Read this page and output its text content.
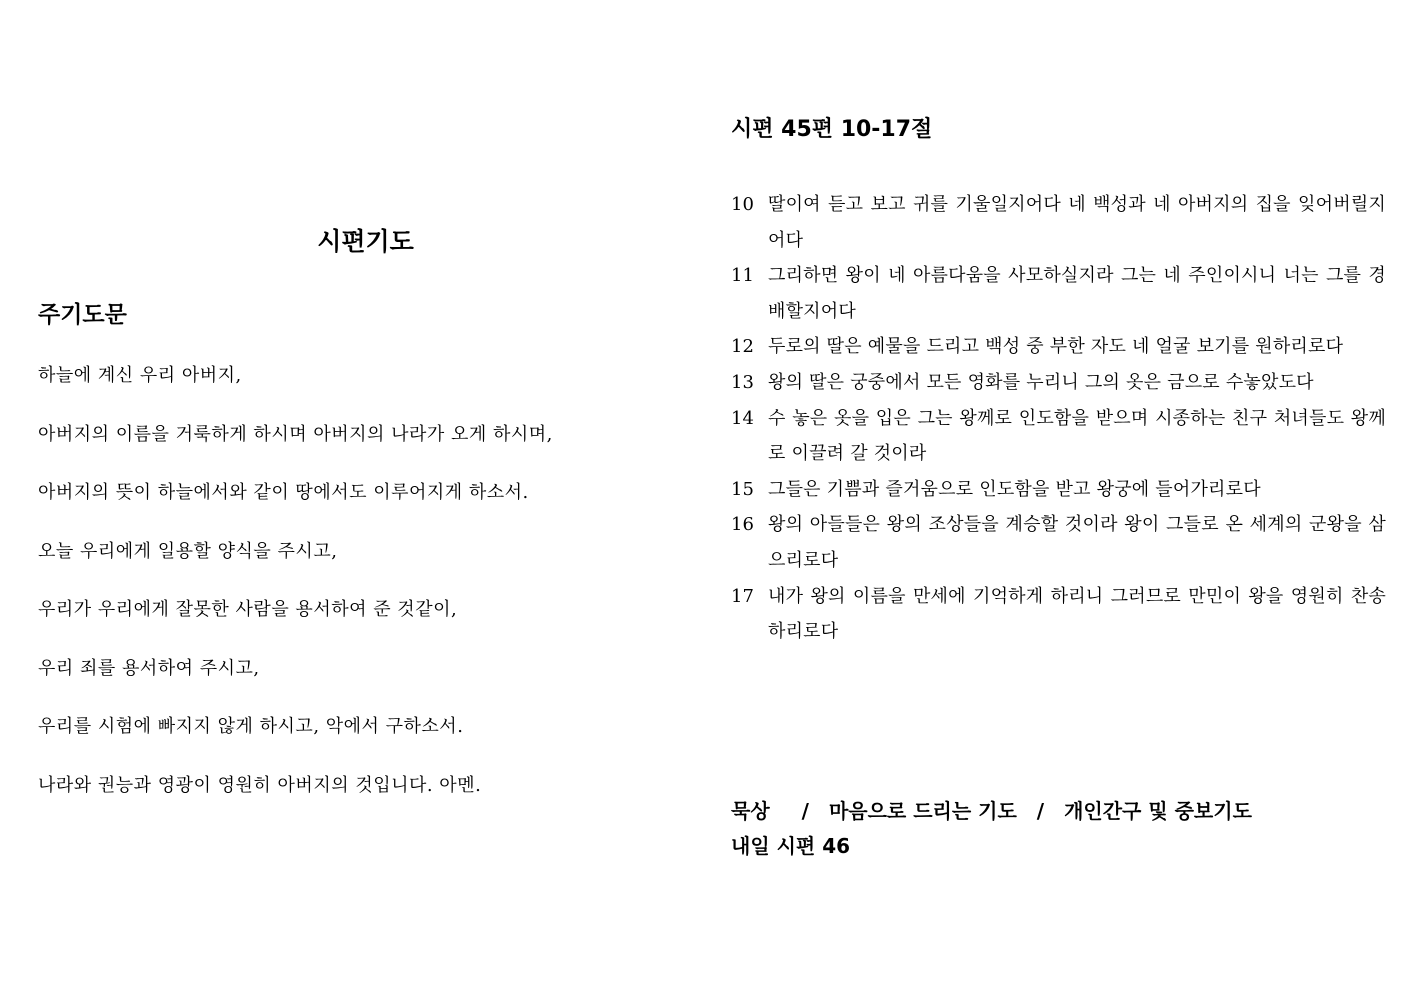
시편기도
주기도문
하늘에 계신 우리 아버지,
아버지의 이름을 거룩하게 하시며 아버지의 나라가 오게 하시며,
아버지의 뜻이 하늘에서와 같이 땅에서도 이루어지게 하소서.
오늘 우리에게 일용할 양식을 주시고,
우리가 우리에게 잘못한 사람을 용서하여 준 것같이,
우리 죄를 용서하여 주시고,
우리를 시험에 빠지지 않게 하시고, 악에서 구하소서.
나라와 권능과 영광이 영원히 아버지의 것입니다. 아멘.
시편 45편 10-17절
10 딸이여 듣고 보고 귀를 기울일지어다 네 백성과 네 아버지의 집을 잊어버릴지어다
11 그리하면 왕이 네 아름다움을 사모하실지라 그는 네 주인이시니 너는 그를 경배할지어다
12 두로의 딸은 예물을 드리고 백성 중 부한 자도 네 얼굴 보기를 원하리로다
13 왕의 딸은 궁중에서 모든 영화를 누리니 그의 옷은 금으로 수놓았도다
14 수 놓은 옷을 입은 그는 왕께로 인도함을 받으며 시종하는 친구 처녀들도 왕께로 이끌려 갈 것이라
15 그들은 기쁨과 즐거움으로 인도함을 받고 왕궁에 들어가리로다
16 왕의 아들들은 왕의 조상들을 계승할 것이라 왕이 그들로 온 세계의 군왕을 삼으리로다
17 내가 왕의 이름을 만세에 기억하게 하리니 그러므로 만민이 왕을 영원히 찬송하리로다
묵상 / 마음으로 드리는 기도 / 개인간구 및 중보기도
내일 시편 46
